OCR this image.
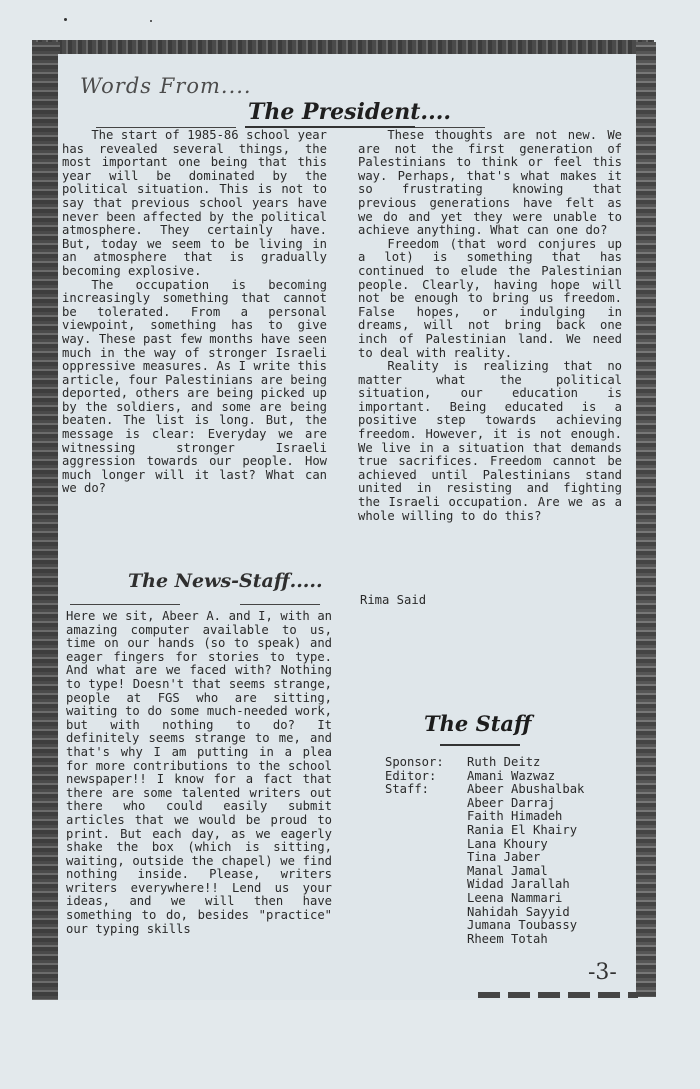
Words From....
The President....

The start of 1985-86 school year has revealed several things, the most important one being that this year will be dominated by the political situation. This is not to say that previous school years have never been affected by the political atmosphere. They certainly have. But, today we seem to be living in an atmosphere that is gradually becoming explosive.

The occupation is becoming increasingly something that cannot be tolerated. From a personal viewpoint, something has to give way. These past few months have seen much in the way of stronger Israeli oppressive measures. As I write this article, four Palestinians are being deported, others are being picked up by the soldiers, and some are being beaten. The list is long. But, the message is clear: Everyday we are witnessing stronger Israeli aggression towards our people. How much longer will it last? What can we do?

These thoughts are not new. We are not the first generation of Palestinians to think or feel this way. Perhaps, that's what makes it so frustrating knowing that previous generations have felt as we do and yet they were unable to achieve anything. What can one do?

Freedom (that word conjures up a lot) is something that has continued to elude the Palestinian people. Clearly, having hope will not be enough to bring us freedom. False hopes, or indulging in dreams, will not bring back one inch of Palestinian land. We need to deal with reality.

Reality is realizing that no matter what the political situation, our education is important. Being educated is a positive step towards achieving freedom. However, it is not enough. We live in a situation that demands true sacrifices. Freedom cannot be achieved until Palestinians stand united in resisting and fighting the Israeli occupation. Are we as a whole willing to do this?

Rima Said
The News-Staff.....

Here we sit, Abeer A. and I, with an amazing computer available to us, time on our hands (so to speak) and eager fingers for stories to type. And what are we faced with? Nothing to type! Doesn't that seems strange, people at FGS who are sitting, waiting to do some much-needed work, but with nothing to do? It definitely seems strange to me, and that's why I am putting in a plea for more contributions to the school newspaper!! I know for a fact that there are some talented writers out there who could easily submit articles that we would be proud to print. But each day, as we eagerly shake the box (which is sitting, waiting, outside the chapel) we find nothing inside. Please, writers writers everywhere!! Lend us your ideas, and we will then have something to do, besides "practice" our typing skills

The Staff
Sponsor:	Ruth Deitz
Editor:	Amani Wazwaz
Staff:	Abeer Abushalbak
Abeer Darraj
Faith Himadeh
Rania El Khairy
Lana Khoury
Tina Jaber
Manal Jamal
Widad Jarallah
Leena Nammari
Nahidah Sayyid
Jumana Toubassy
Rheem Totah
-3-
